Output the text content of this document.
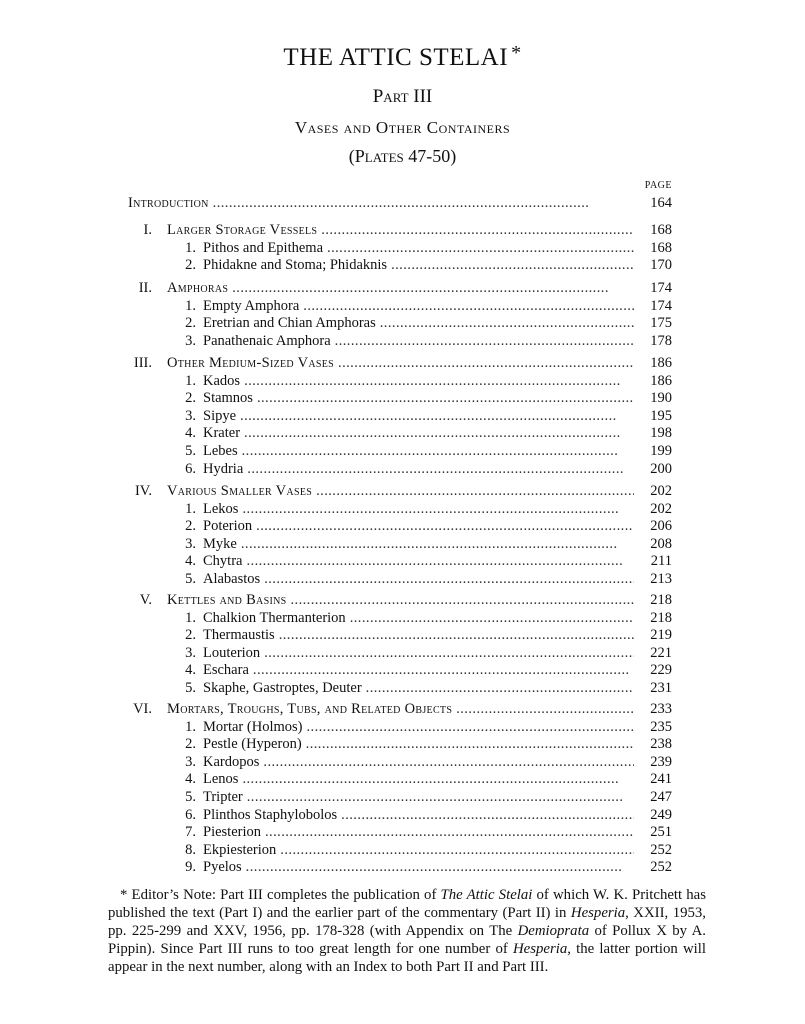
THE ATTIC STELAI *
Part III
Vases and Other Containers
(Plates 47-50)
PAGE
Introduction . . .	164
I. Larger Storage Vessels . . .	168
1. Pithos and Epithema . . .	168
2. Phidakne and Stoma; Phidaknis . . .	170
II. Amphoras . . .	174
1. Empty Amphora . . .	174
2. Eretrian and Chian Amphoras . . .	175
3. Panathenaic Amphora . . .	178
III. Other Medium-Sized Vases . . .	186
1. Kados . . .	186
2. Stamnos . . .	190
3. Sipye . . .	195
4. Krater . . .	198
5. Lebes . . .	199
6. Hydria . . .	200
IV. Various Smaller Vases . . .	202
1. Lekos . . .	202
2. Poterion . . .	206
3. Myke . . .	208
4. Chytra . . .	211
5. Alabastos . . .	213
V. Kettles and Basins . . .	218
1. Chalkion Thermanterion . . .	218
2. Thermaustis . . .	219
3. Louterion . . .	221
4. Eschara . . .	229
5. Skaphe, Gastroptes, Deuter . . .	231
VI. Mortars, Troughs, Tubs, and Related Objects . . .	233
1. Mortar (Holmos) . . .	235
2. Pestle (Hyperon) . . .	238
3. Kardopos . . .	239
4. Lenos . . .	241
5. Tripter . . .	247
6. Plinthos Staphylobolos . . .	249
7. Piesterion . . .	251
8. Ekpiesterion . . .	252
9. Pyelos . . .	252

* Editor’s Note: Part III completes the publication of The Attic Stelai of which W. K. Pritchett has published the text (Part I) and the earlier part of the commentary (Part II) in Hesperia, XXII, 1953, pp. 225-299 and XXV, 1956, pp. 178-328 (with Appendix on The Demioprata of Pollux X by A. Pippin). Since Part III runs to too great length for one number of Hesperia, the latter portion will appear in the next number, along with an Index to both Part II and Part III.
